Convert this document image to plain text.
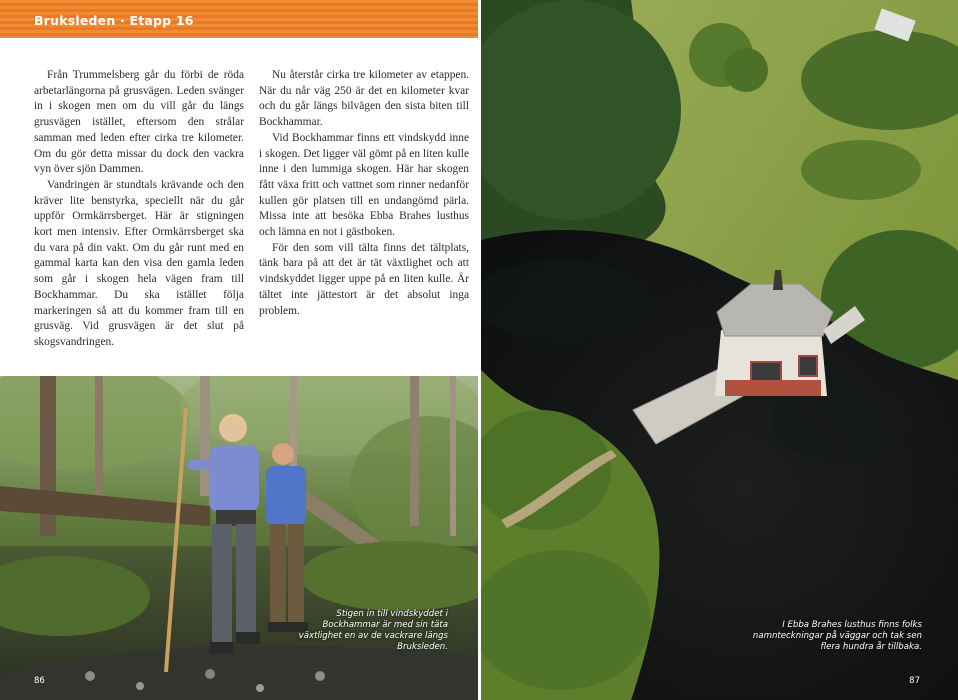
Bruksleden · Etapp 16

Från Trummelsberg går du förbi de röda arbetarlängorna på grusvägen. Leden svänger in i skogen men om du vill går du längs grusvägen istället, eftersom den strålar samman med leden efter cirka tre kilometer. Om du gör detta missar du dock den vackra vyn över sjön Dammen.

Vandringen är stundtals krävande och den kräver lite benstyrka, speciellt när du går uppför Ormkärrsberget. Här är stigningen kort men intensiv. Efter Ormkärrsberget ska du vara på din vakt. Om du går runt med en gammal karta kan den visa den gamla leden som går i skogen hela vägen fram till Bockhammar. Du ska istället följa markeringen så att du kommer fram till en grusväg. Vid grusvägen är det slut på skogsvandringen.

Nu återstår cirka tre kilometer av etappen. När du når väg 250 är det en kilometer kvar och du går längs bilvägen den sista biten till Bockhammar.

Vid Bockhammar finns ett vindskydd inne i skogen. Det ligger väl gömt på en liten kulle inne i den lummiga skogen. Här har skogen fått växa fritt och vattnet som rinner nedanför kullen gör platsen till en undangömd pärla. Missa inte att besöka Ebba Brahes lusthus och lämna en not i gästboken.

För den som vill tälta finns det tältplats, tänk bara på att det är tät växtlighet och att vindskyddet ligger uppe på en liten kulle. Är tältet inte jättestort är det absolut inga problem.

Stigen in till vindskyddet i Bockhammar är med sin täta växtlighet en av de vackrare längs Bruksleden.
86
I Ebba Brahes lusthus finns folks namnteckningar på väggar och tak sen flera hundra år tillbaka.
87
